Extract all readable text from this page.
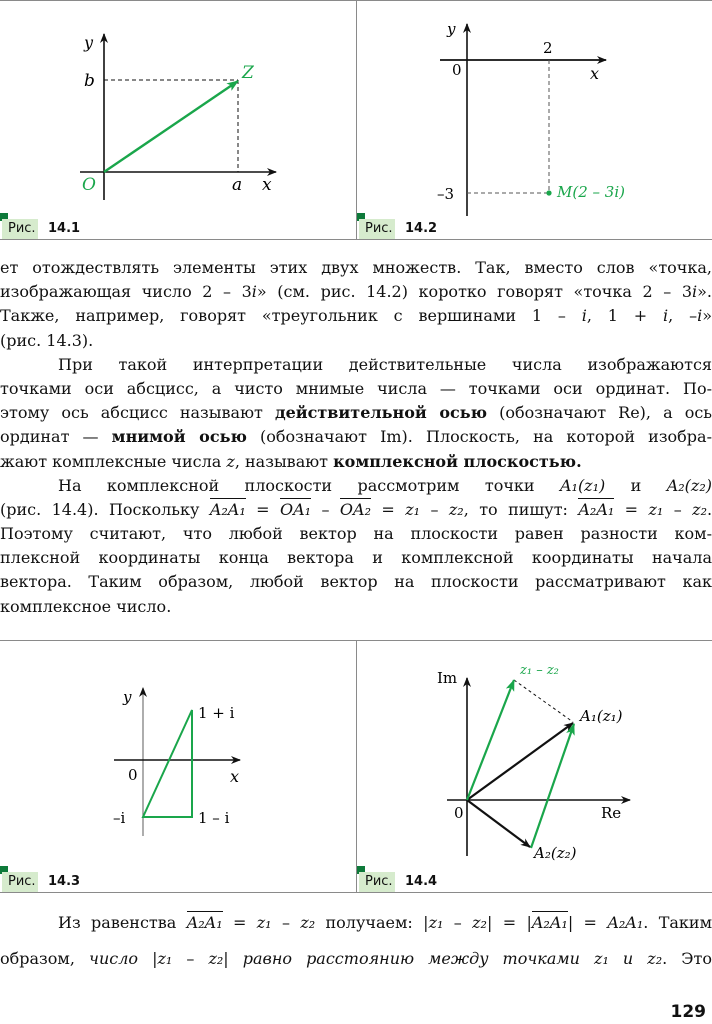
y
b	Z
O	a x
y
2
0	x
–3	M(2 – 3i)
y
1 + i
0	x
–i	1 – i
Im	z₁ – z₂
A₁(z₁)
0	Re
A₂(z₂)
Рис. 14.1	Рис. 14.2
Рис. 14.3	Рис. 14.4
ет отождествлять элементы этих двух множеств. Так, вместо слов «точка,
изображающая число 2 – 3i» (см. рис. 14.2) коротко говорят «точка 2 – 3i».
Также, например, говорят «треугольник с вершинами 1 – i, 1 + i, –i»
(рис. 14.3).
При такой интерпретации действительные числа изображаются
точками оси абсцисс, а чисто мнимые числа — точками оси ординат. По-
этому ось абсцисс называют действительной осью (обозначают Re), а ось
ординат — мнимой осью (обозначают Im). Плоскость, на которой изобра-
жают комплексные числа z, называют комплексной плоскостью.
На комплексной плоскости рассмотрим точки A₁(z₁) и A₂(z₂)
(рис. 14.4). Поскольку A₂A₁ = OA₁ – OA₂ = z₁ – z₂, то пишут: A₂A₁ = z₁ – z₂.
Поэтому считают, что любой вектор на плоскости равен разности ком-
плексной координаты конца вектора и комплексной координаты начала
вектора. Таким образом, любой вектор на плоскости рассматривают как
комплексное число.
Из равенства A₂A₁ = z₁ – z₂ получаем: |z₁ – z₂| = |A₂A₁| = A₂A₁. Таким
образом, число |z₁ – z₂| равно расстоянию между точками z₁ и z₂. Это
129
